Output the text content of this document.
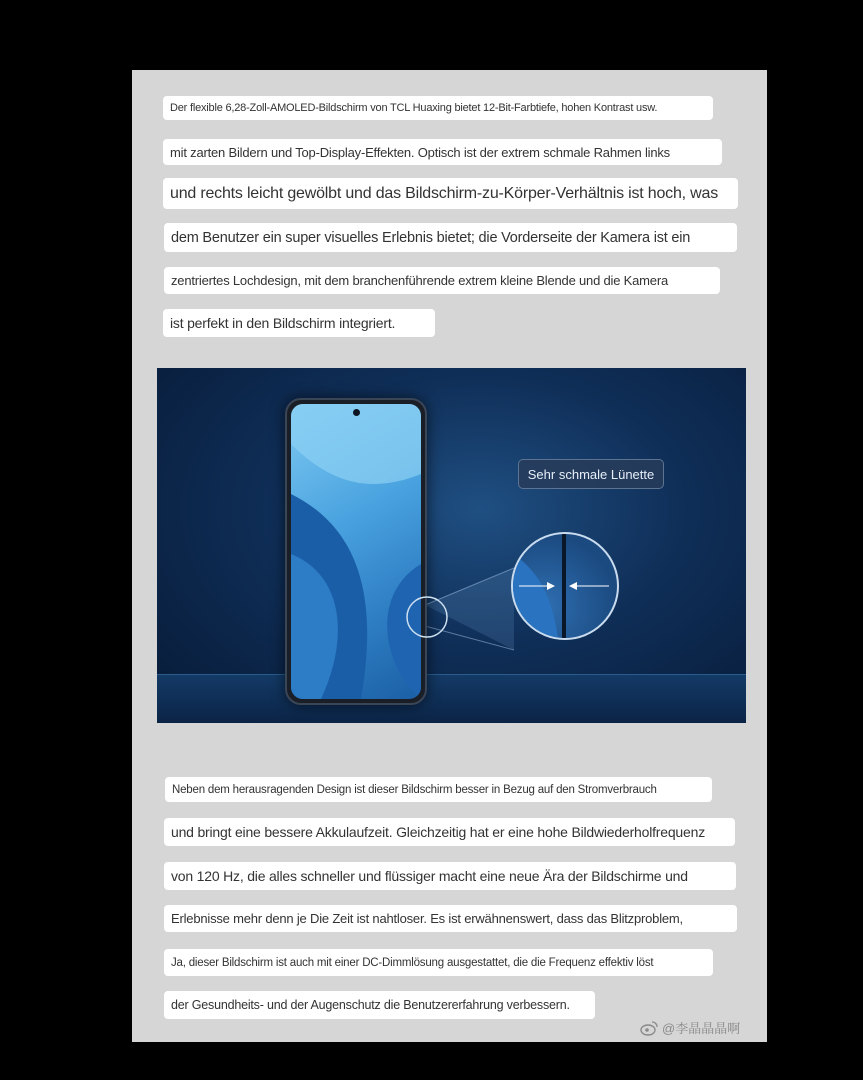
Der flexible 6,28-Zoll-AMOLED-Bildschirm von TCL Huaxing bietet 12-Bit-Farbtiefe, hohen Kontrast usw.
mit zarten Bildern und Top-Display-Effekten. Optisch ist der extrem schmale Rahmen links
und rechts leicht gewölbt und das Bildschirm-zu-Körper-Verhältnis ist hoch, was
dem Benutzer ein super visuelles Erlebnis bietet; die Vorderseite der Kamera ist ein
zentriertes Lochdesign, mit dem branchenführende extrem kleine Blende und die Kamera
ist perfekt in den Bildschirm integriert.
Sehr schmale Lünette
Neben dem herausragenden Design ist dieser Bildschirm besser in Bezug auf den Stromverbrauch
und bringt eine bessere Akkulaufzeit. Gleichzeitig hat er eine hohe Bildwiederholfrequenz
von 120 Hz, die alles schneller und flüssiger macht eine neue Ära der Bildschirme und
Erlebnisse mehr denn je Die Zeit ist nahtloser. Es ist erwähnenswert, dass das Blitzproblem,
Ja, dieser Bildschirm ist auch mit einer DC-Dimmlösung ausgestattet, die die Frequenz effektiv löst
der Gesundheits- und der Augenschutz die Benutzererfahrung verbessern.
@李晶晶晶啊
